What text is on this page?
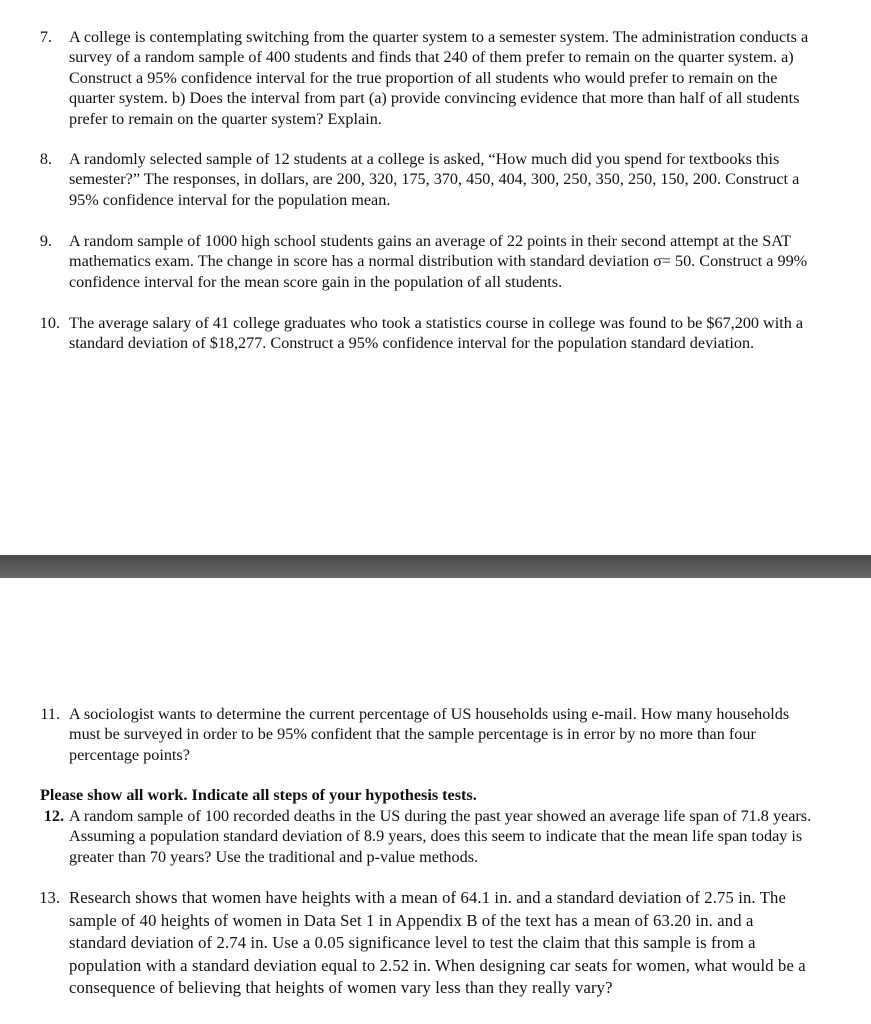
7. A college is contemplating switching from the quarter system to a semester system. The administration conducts a survey of a random sample of 400 students and finds that 240 of them prefer to remain on the quarter system. a) Construct a 95% confidence interval for the true proportion of all students who would prefer to remain on the quarter system. b) Does the interval from part (a) provide convincing evidence that more than half of all students prefer to remain on the quarter system? Explain.

8. A randomly selected sample of 12 students at a college is asked, “How much did you spend for textbooks this semester?” The responses, in dollars, are 200, 320, 175, 370, 450, 404, 300, 250, 350, 250, 150, 200. Construct a 95% confidence interval for the population mean.

9. A random sample of 1000 high school students gains an average of 22 points in their second attempt at the SAT mathematics exam. The change in score has a normal distribution with standard deviation σ= 50. Construct a 99% confidence interval for the mean score gain in the population of all students.

10. The average salary of 41 college graduates who took a statistics course in college was found to be $67,200 with a standard deviation of $18,277. Construct a 95% confidence interval for the population standard deviation.

11. A sociologist wants to determine the current percentage of US households using e-mail. How many households must be surveyed in order to be 95% confident that the sample percentage is in error by no more than four percentage points?

Please show all work. Indicate all steps of your hypothesis tests.

12. A random sample of 100 recorded deaths in the US during the past year showed an average life span of 71.8 years. Assuming a population standard deviation of 8.9 years, does this seem to indicate that the mean life span today is greater than 70 years? Use the traditional and p-value methods.

13. Research shows that women have heights with a mean of 64.1 in. and a standard deviation of 2.75 in. The sample of 40 heights of women in Data Set 1 in Appendix B of the text has a mean of 63.20 in. and a standard deviation of 2.74 in. Use a 0.05 significance level to test the claim that this sample is from a population with a standard deviation equal to 2.52 in. When designing car seats for women, what would be a consequence of believing that heights of women vary less than they really vary?
